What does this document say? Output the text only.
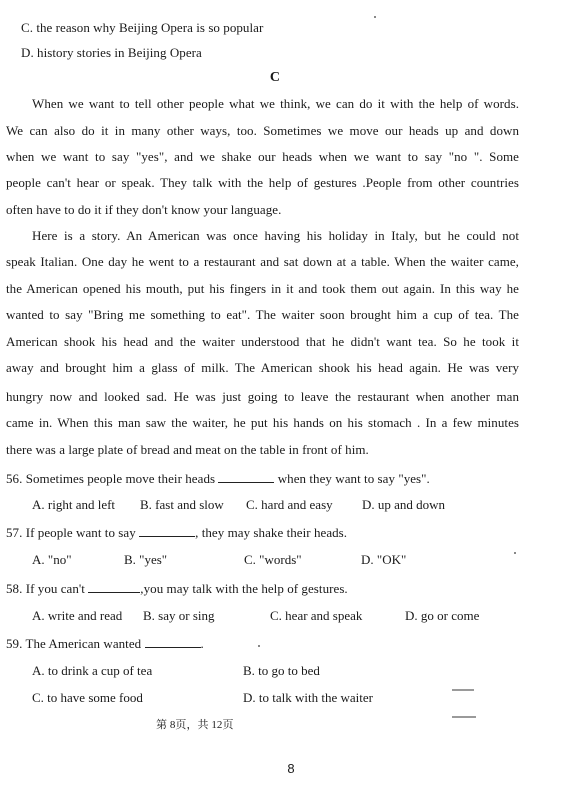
C. the reason why Beijing Opera is so popular
D. history stories in Beijing Opera
C
When we want to tell other people what we think, we can do it with the help of words.
We can also do it in many other ways, too. Sometimes we move our heads up and down
when we want to say "yes", and we shake our heads when we want to say "no ". Some
people can't hear or speak. They talk with the help of gestures .People from other countries
often have to do it if they don't know your language.
Here is a story. An American was once having his holiday in Italy, but he could not
speak Italian. One day he went to a restaurant and sat down at a table. When the waiter came,
the American opened his mouth, put his fingers in it and took them out again. In this way he
wanted to say "Bring me something to eat". The waiter soon brought him a cup of tea. The
American shook his head and the waiter understood that he didn't want tea. So he took it
away and brought him a glass of milk. The American shook his head again. He was very
hungry now and looked sad. He was just going to leave the restaurant when another man
came in. When this man saw the waiter, he put his hands on his stomach . In a few minutes
there was a large plate of bread and meat on the table in front of him.
56. Sometimes people move their heads	when they want to say "yes".
A. right and left B. fast and slow C. hard and easy D. up and down
57. If people want to say	, they may shake their heads.
A. "no"	B. "yes"	C. "words"	D. "OK"
58. If you can't	,you may talk with the help of gestures.
A. write and read B. say or sing	C. hear and speak	D. go or come
59. The American wanted	.
A. to drink a cup of tea	B. to go to bed
C. to have some food	D. to talk with the waiter
第 8页，共 12页
8
